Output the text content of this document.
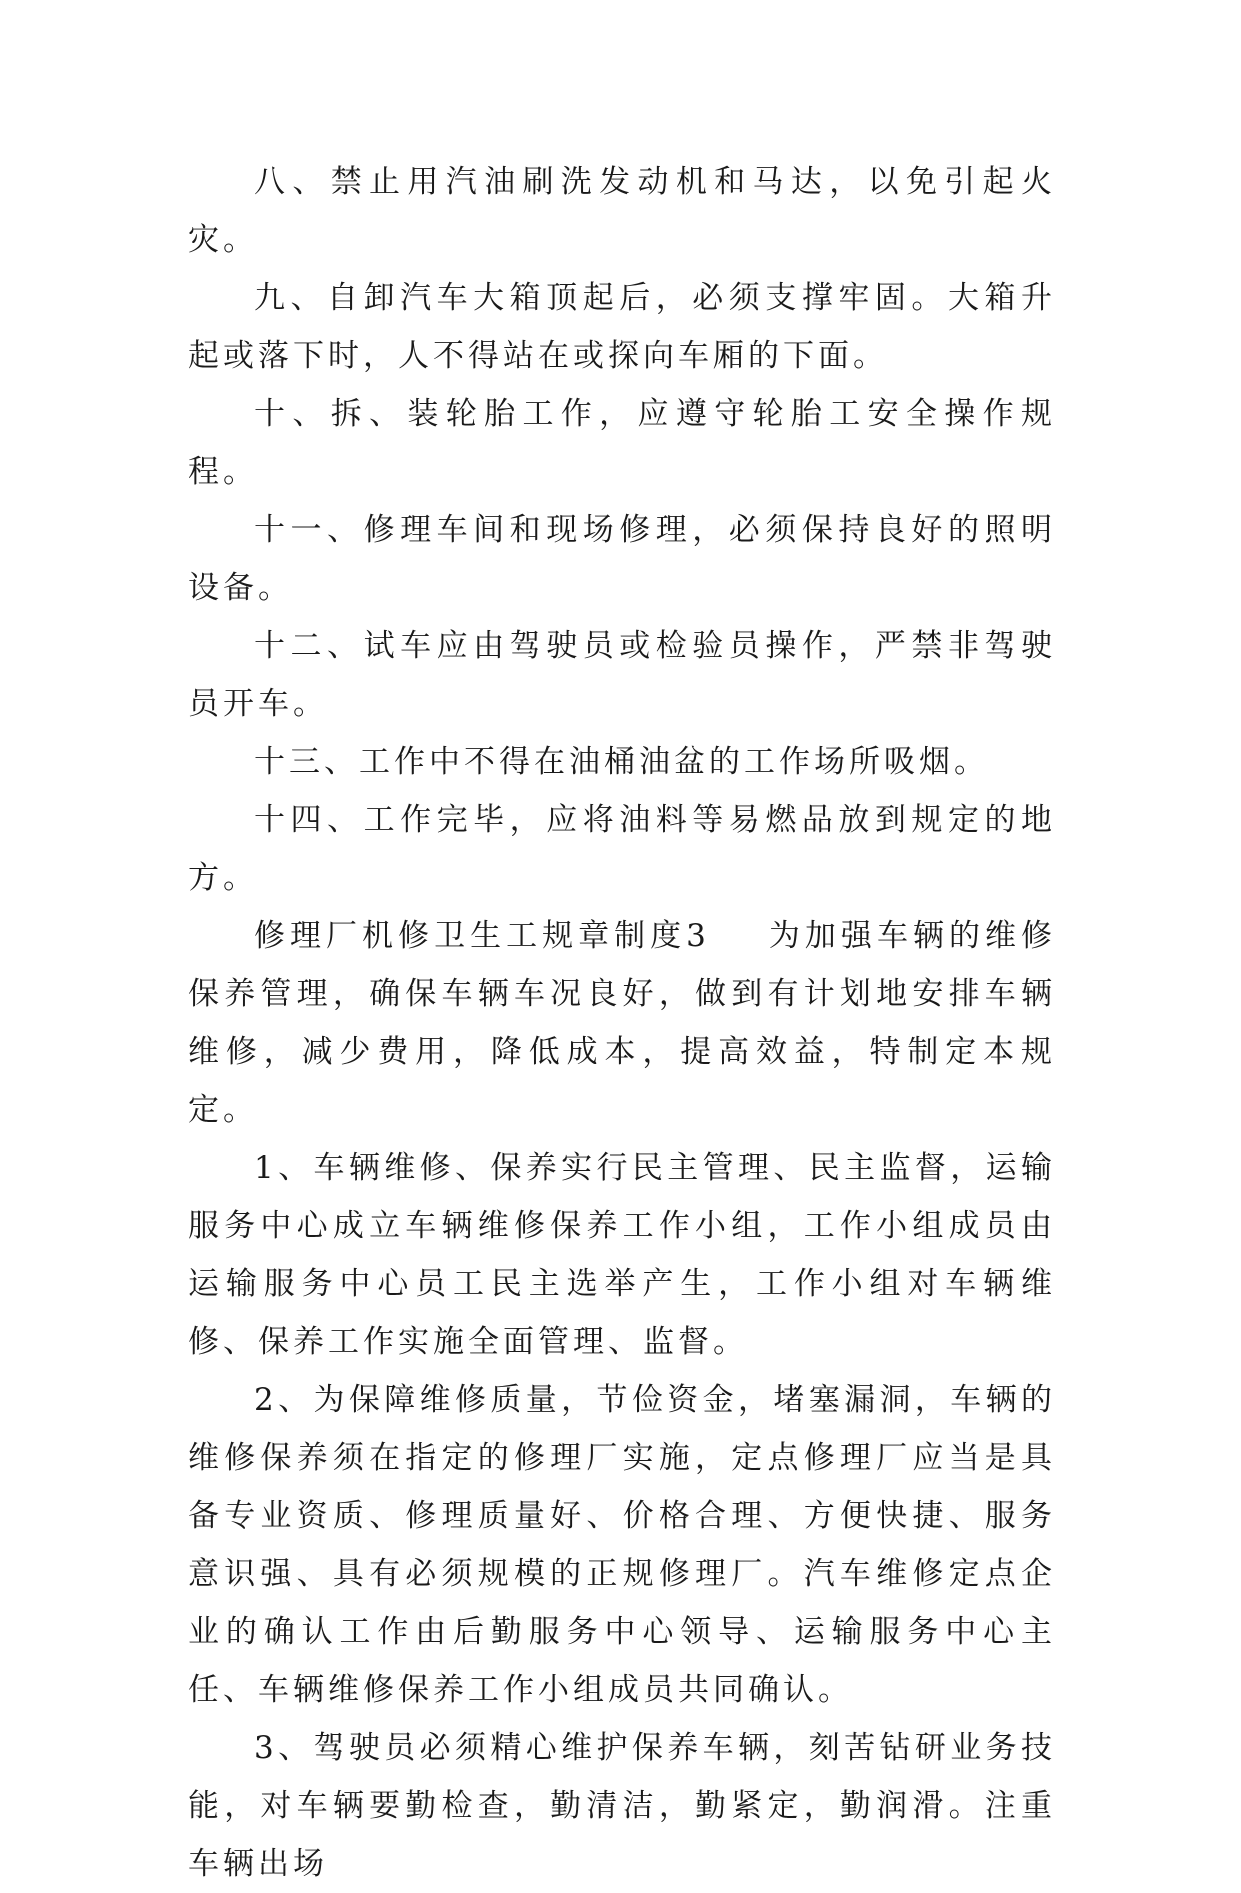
八、禁止用汽油刷洗发动机和马达，以免引起火灾。

九、自卸汽车大箱顶起后，必须支撑牢固。大箱升起或落下时，人不得站在或探向车厢的下面。

十、拆、装轮胎工作，应遵守轮胎工安全操作规程。

十一、修理车间和现场修理，必须保持良好的照明设备。

十二、试车应由驾驶员或检验员操作，严禁非驾驶员开车。

十三、工作中不得在油桶油盆的工作场所吸烟。

十四、工作完毕，应将油料等易燃品放到规定的地方。

修理厂机修卫生工规章制度3 为加强车辆的维修保养管理，确保车辆车况良好，做到有计划地安排车辆维修，减少费用，降低成本，提高效益，特制定本规定。

1、车辆维修、保养实行民主管理、民主监督，运输服务中心成立车辆维修保养工作小组，工作小组成员由运输服务中心员工民主选举产生，工作小组对车辆维修、保养工作实施全面管理、监督。

2、为保障维修质量，节俭资金，堵塞漏洞，车辆的维修保养须在指定的修理厂实施，定点修理厂应当是具备专业资质、修理质量好、价格合理、方便快捷、服务意识强、具有必须规模的正规修理厂。汽车维修定点企业的确认工作由后勤服务中心领导、运输服务中心主任、车辆维修保养工作小组成员共同确认。

3、驾驶员必须精心维护保养车辆，刻苦钻研业务技能，对车辆要勤检查，勤清洁，勤紧定，勤润滑。注重车辆出场
